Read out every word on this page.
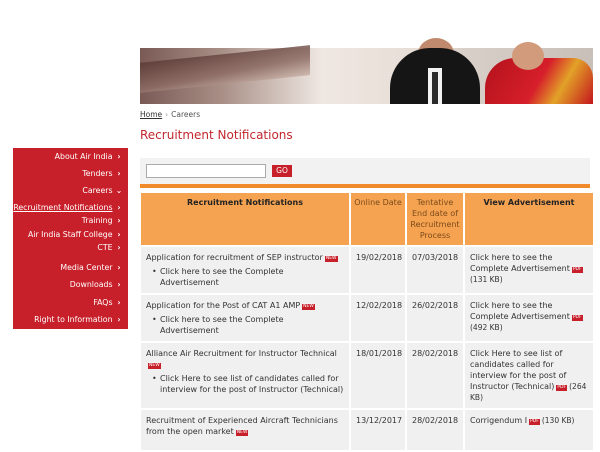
Home › Careers
Recruitment Notifications
About Air India ›
Tenders ›
Careers ⌄
Recruitment Notifications ›
Training ›
Air India Staff College ›
CTE ›
Media Center ›
Downloads ›
FAQs ›
Right to Information ›
GO
Recruitment Notifications	Online Date	Tentative End date of Recruitment Process	View Advertisement
Application for recruitment of SEP instructor NEW
• Click here to see the Complete Advertisement	19/02/2018	07/03/2018	Click here to see the Complete Advertisement PDF(131 KB)
Application for the Post of CAT A1 AMP NEW
• Click here to see the Complete Advertisement	12/02/2018	26/02/2018	Click here to see the Complete Advertisement PDF(492 KB)
Alliance Air Recruitment for Instructor TechnicalNEW
• Click Here to see list of candidates called for interview for the post of Instructor (Technical)	18/01/2018	28/02/2018	Click Here to see list of candidates called for interview for the post of Instructor (Technical) PDF (264 KB)
Recruitment of Experienced Aircraft Technicians from the open market NEW	13/12/2017	28/02/2018	Corrigendum I PDF (130 KB)
